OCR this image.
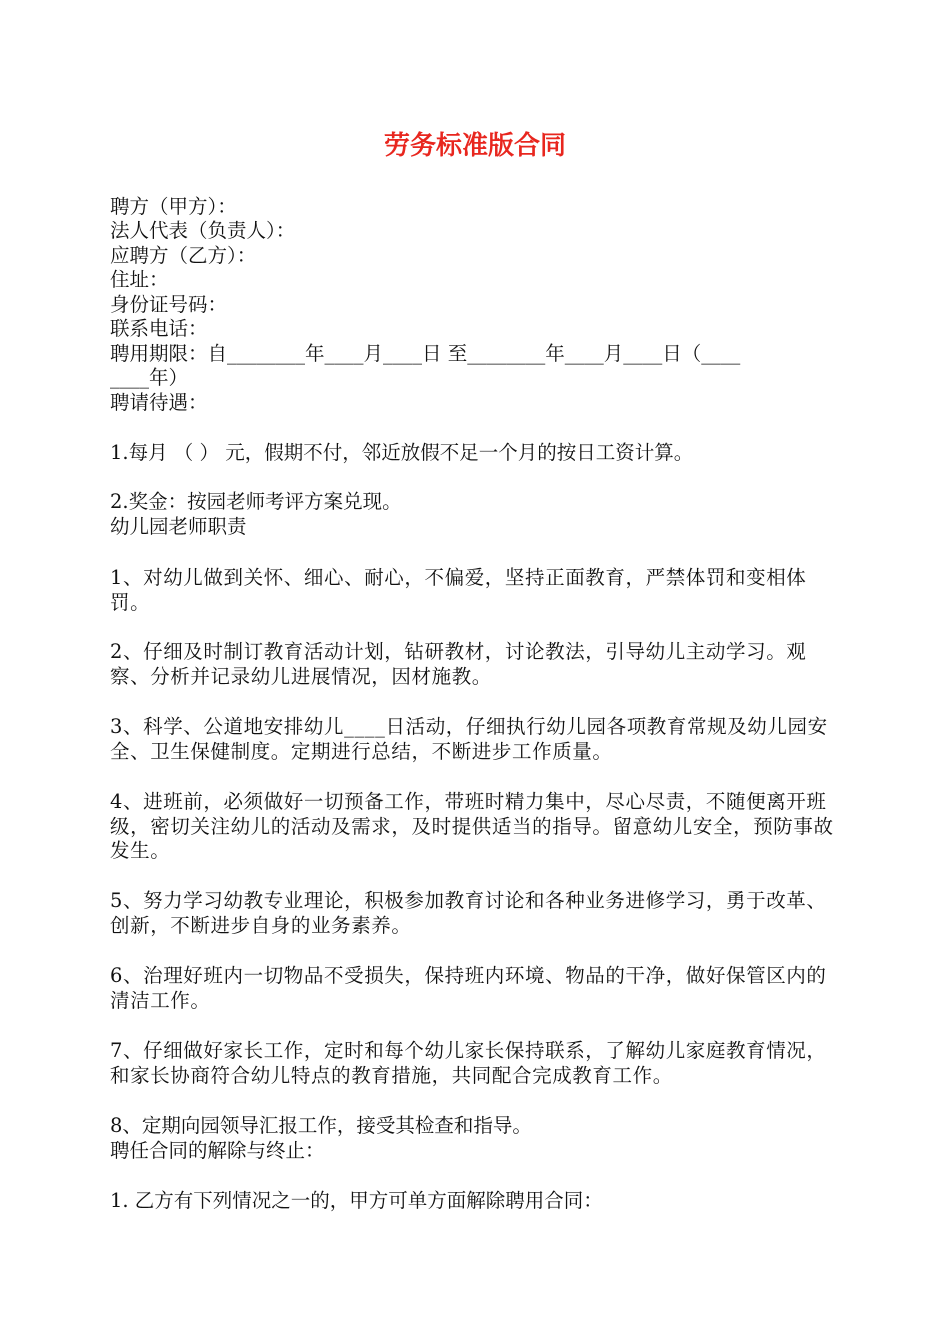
劳务标准版合同
聘方（甲方）：
法人代表（负责人）：
应聘方（乙方）：
住址：
身份证号码：
联系电话：
聘用期限：自________年____月____日 至________年____月____日（____
____年）
聘请待遇：
1.每月 （ ） 元，假期不付，邻近放假不足一个月的按日工资计算。
2.奖金：按园老师考评方案兑现。
幼儿园老师职责
1、对幼儿做到关怀、细心、耐心，不偏爱，坚持正面教育，严禁体罚和变相体罚。
2、仔细及时制订教育活动计划，钻研教材，讨论教法，引导幼儿主动学习。观察、分析并记录幼儿进展情况，因材施教。
3、科学、公道地安排幼儿____日活动，仔细执行幼儿园各项教育常规及幼儿园安全、卫生保健制度。定期进行总结，不断进步工作质量。
4、进班前，必须做好一切预备工作，带班时精力集中，尽心尽责，不随便离开班级，密切关注幼儿的活动及需求，及时提供适当的指导。留意幼儿安全，预防事故发生。
5、努力学习幼教专业理论，积极参加教育讨论和各种业务进修学习，勇于改革、创新，不断进步自身的业务素养。
6、治理好班内一切物品不受损失，保持班内环境、物品的干净，做好保管区内的清洁工作。
7、仔细做好家长工作，定时和每个幼儿家长保持联系，了解幼儿家庭教育情况，和家长协商符合幼儿特点的教育措施，共同配合完成教育工作。
8、定期向园领导汇报工作，接受其检查和指导。
聘任合同的解除与终止：
1. 乙方有下列情况之一的，甲方可单方面解除聘用合同：
